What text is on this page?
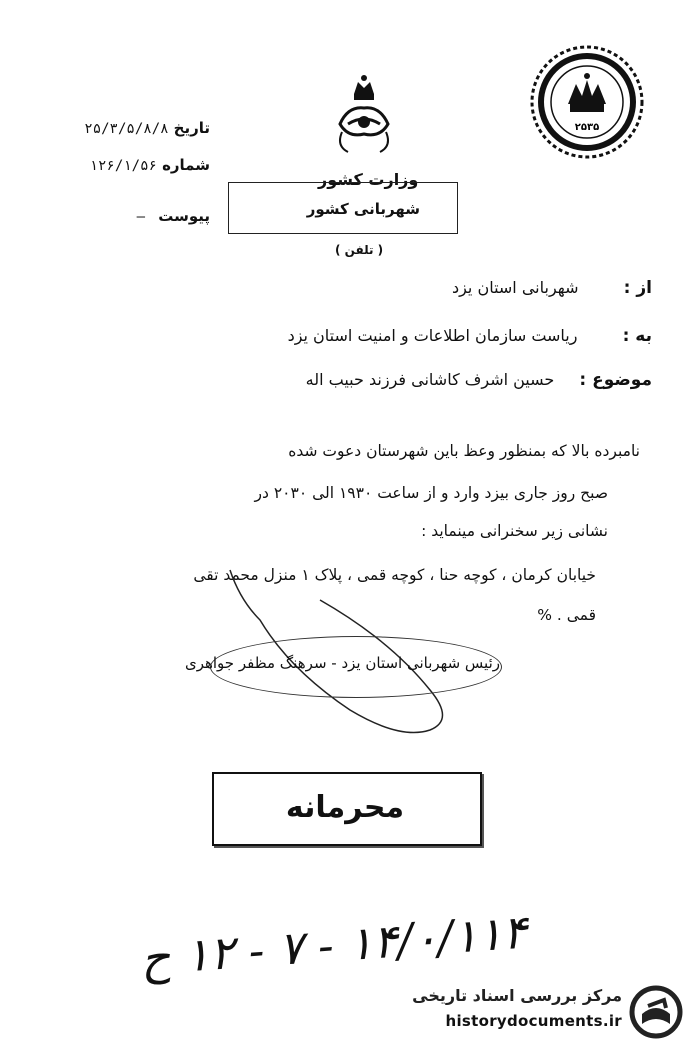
۲۵۳۵
تاریخ ۲۵/۳/۵/۸/۸
شماره ۱۲۶/۱/۵۶
پیوست —
وزارت کشور
شهربانی کشور
( تلفن )
از : شهربانی استان یزد
به : ریاست سازمان اطلاعات و امنیت استان یزد
موضوع : حسین اشرف کاشانی فرزند حبیب اله
نامبرده بالا که بمنظور وعظ باین شهرستان دعوت شده
صبح روز جاری بیزد وارد و از ساعت ۱۹۳۰ الی ۲۰۳۰ در
نشانی زیر سخنرانی مینماید :
خیابان کرمان ، کوچه حنا ، کوچه قمی ، پلاک ۱ منزل محمد تقی
قمی . %
رئیس شهربانی استان یزد - سرهنگ مظفر جواهری
محرمانه
۱۴/۰/۱۱۴ - ۷ - ۱۲ ح
مرکز بررسی اسناد تاریخی
historydocuments.ir
